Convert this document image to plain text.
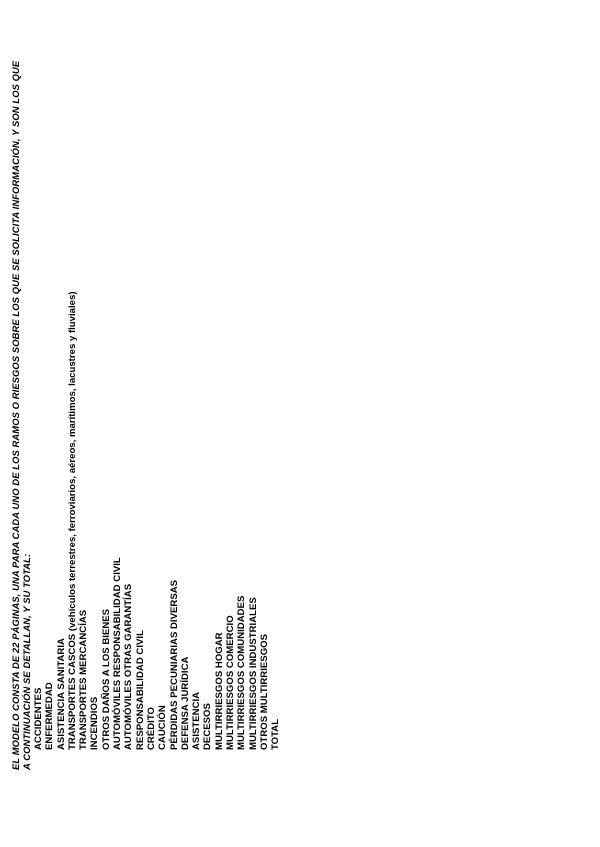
EL MODELO CONSTA DE 22 PÁGINAS, UNA PARA CADA UNO DE LOS RAMOS O RIESGOS SOBRE LOS QUE SE SOLICITA INFORMACIÓN, Y SON LOS QUE A CONTINUACIÓN SE DETALLAN, Y SU TOTAL: ACCIDENTES ENFERMEDAD ASISTENCIA SANITARIA TRANSPORTES CASCOS (vehículos terrestres, ferroviarios, aéreos, marítimos, lacustres y fluviales) TRANSPORTES MERCANCÍAS INCENDIOS OTROS DAÑOS A LOS BIENES AUTOMÓVILES RESPONSABILIDAD CIVIL AUTOMÓVILES OTRAS GARANTÍAS RESPONSABILIDAD CIVIL CRÉDITO CAUCIÓN PÉRDIDAS PECUNIARIAS DIVERSAS DEFENSA JURÍDICA ASISTENCIA DECESOS MULTIRRIESGOS HOGAR MULTIRRIESGOS COMERCIO MULTIRRIESGOS COMUNIDADES MULTIRRIESGOS INDUSTRIALES OTROS MULTIRRIESGOS TOTAL
